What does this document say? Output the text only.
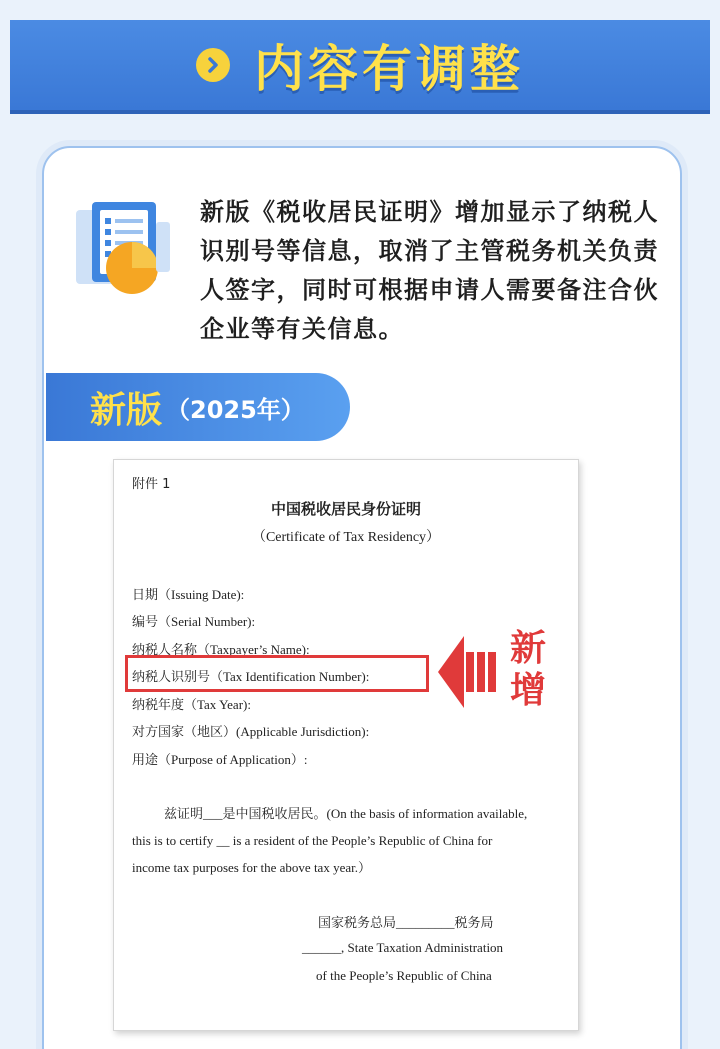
内容有调整
新版《税收居民证明》增加显示了纳税人识别号等信息，取消了主管税务机关负责人签字，同时可根据申请人需要备注合伙企业等有关信息。
新版 （2025年）
附件 1
中国税收居民身份证明
（Certificate of Tax Residency）
日期（Issuing Date):
编号（Serial Number):
纳税人名称（Taxpayer’s Name):
纳税人识别号（Tax Identification Number):
纳税年度（Tax Year):
对方国家（地区）(Applicable Jurisdiction):
用途（Purpose of Application）:
兹证明___是中国税收居民。(On the basis of information available,
this is to certify __ is a resident of the People’s Republic of China for
income tax purposes for the above tax year.）
国家税务总局_________税务局
______, State Taxation Administration
of the People’s Republic of China
新
增
